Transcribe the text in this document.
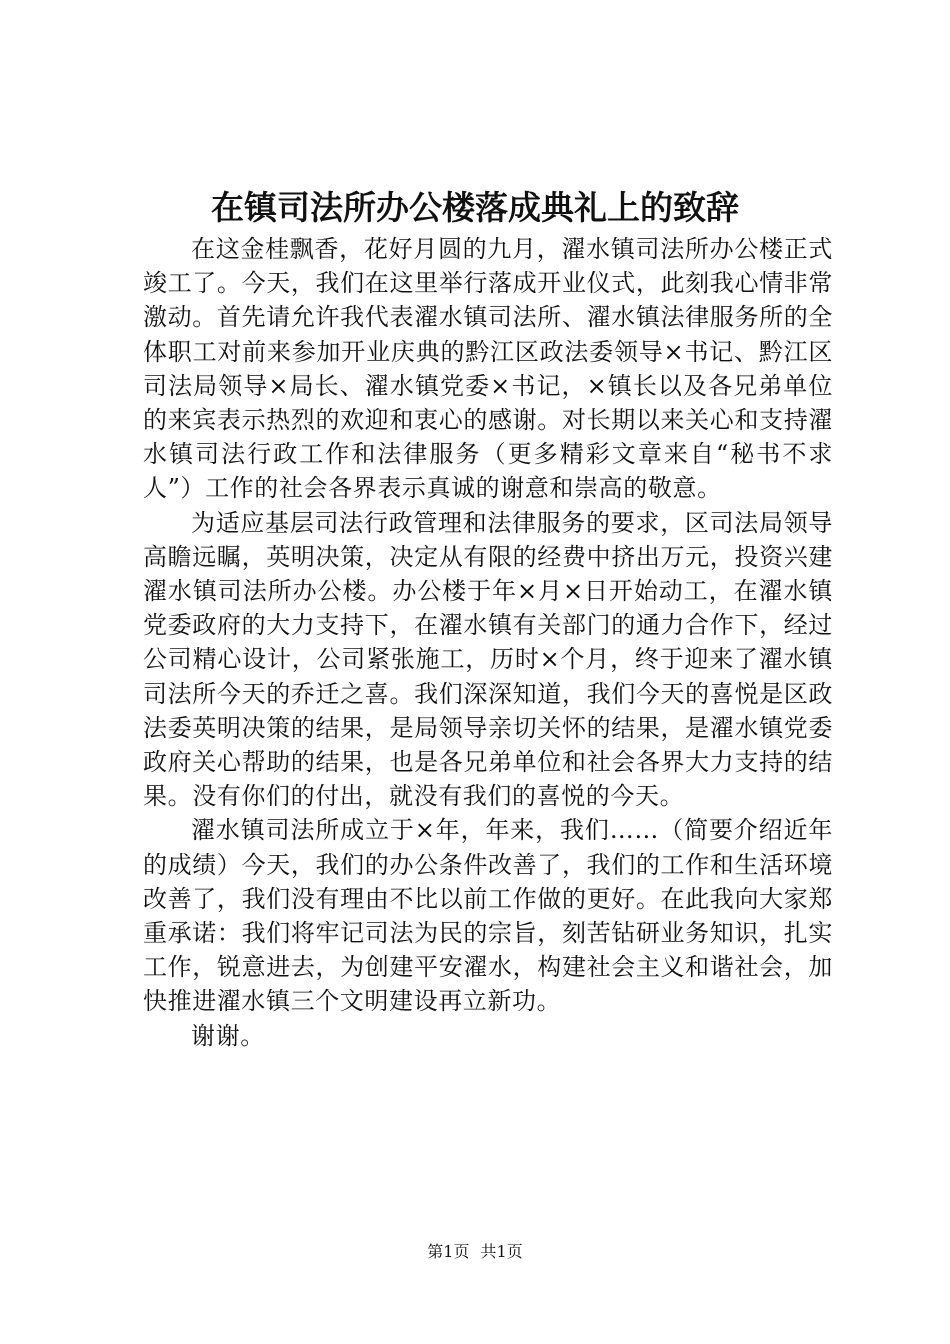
在镇司法所办公楼落成典礼上的致辞

在这金桂飘香，花好月圆的九月，濯水镇司法所办公楼正式竣工了。今天，我们在这里举行落成开业仪式，此刻我心情非常激动。首先请允许我代表濯水镇司法所、濯水镇法律服务所的全体职工对前来参加开业庆典的黔江区政法委领导×书记、黔江区司法局领导×局长、濯水镇党委×书记，×镇长以及各兄弟单位的来宾表示热烈的欢迎和衷心的感谢。对长期以来关心和支持濯水镇司法行政工作和法律服务（更多精彩文章来自“秘书不求人”）工作的社会各界表示真诚的谢意和崇高的敬意。

为适应基层司法行政管理和法律服务的要求，区司法局领导高瞻远瞩，英明决策，决定从有限的经费中挤出万元，投资兴建濯水镇司法所办公楼。办公楼于年×月×日开始动工，在濯水镇党委政府的大力支持下，在濯水镇有关部门的通力合作下，经过公司精心设计，公司紧张施工，历时×个月，终于迎来了濯水镇司法所今天的乔迁之喜。我们深深知道，我们今天的喜悦是区政法委英明决策的结果，是局领导亲切关怀的结果，是濯水镇党委政府关心帮助的结果，也是各兄弟单位和社会各界大力支持的结果。没有你们的付出，就没有我们的喜悦的今天。

濯水镇司法所成立于×年，年来，我们……（简要介绍近年的成绩）今天，我们的办公条件改善了，我们的工作和生活环境改善了，我们没有理由不比以前工作做的更好。在此我向大家郑重承诺：我们将牢记司法为民的宗旨，刻苦钻研业务知识，扎实工作，锐意进去，为创建平安濯水，构建社会主义和谐社会，加快推进濯水镇三个文明建设再立新功。

谢谢。

第1页 共1页
